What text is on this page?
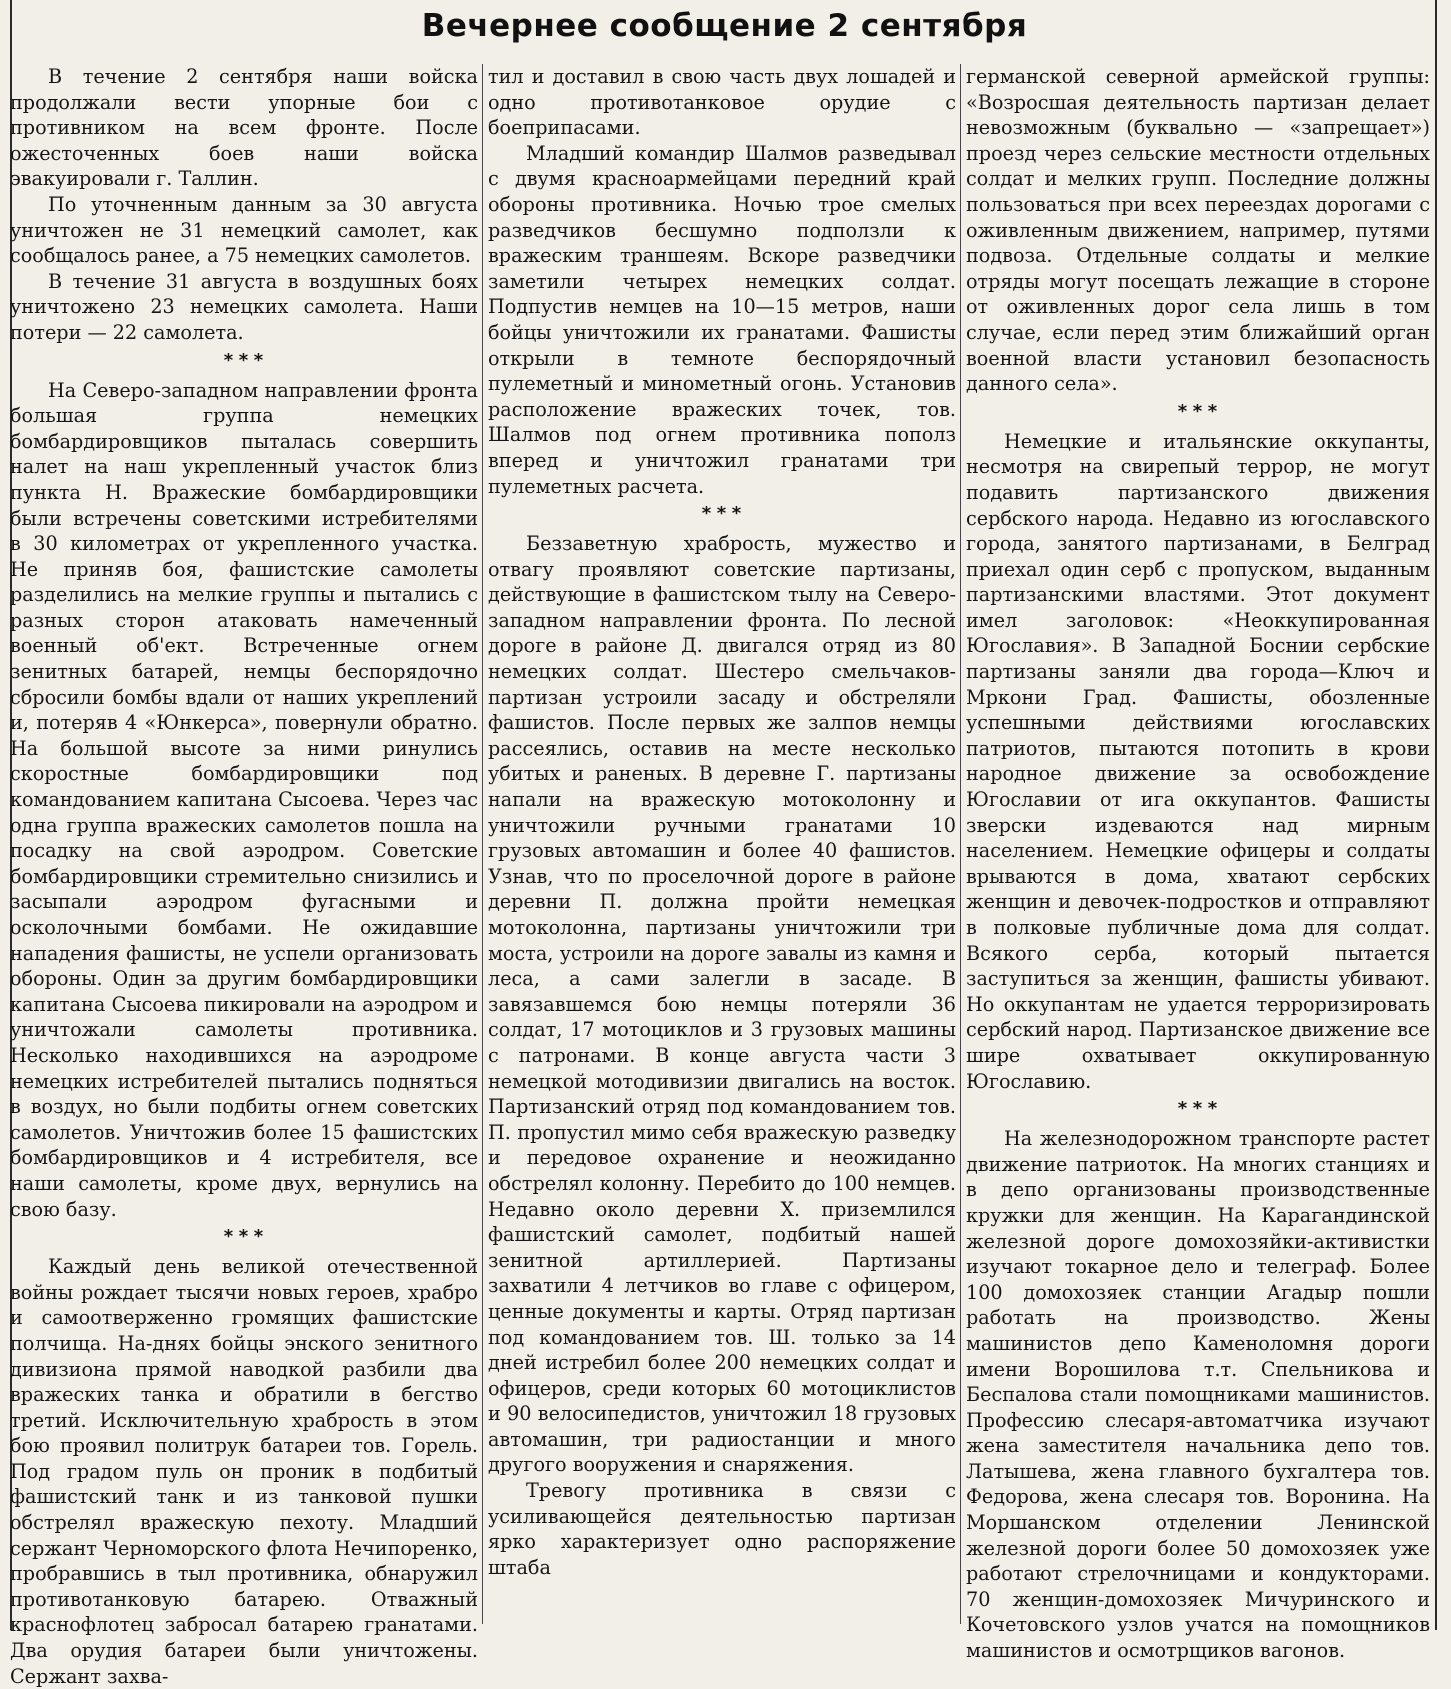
Вечернее сообщение 2 сентября

В течение 2 сентября наши войска продолжали вести упорные бои с противником на всем фронте. После ожесточенных боев наши войска эвакуировали г. Таллин.

По уточненным данным за 30 августа уничтожен не 31 немецкий самолет, как сообщалось ранее, а 75 немецких самолетов.

В течение 31 августа в воздушных боях уничтожено 23 немецких самолета. Наши потери — 22 самолета.

* * *

На Северо-западном направлении фронта большая группа немецких бомбардировщиков пыталась совершить налет на наш укрепленный участок близ пункта Н. Вражеские бомбардировщики были встречены советскими истребителями в 30 километрах от укрепленного участка. Не приняв боя, фашистские самолеты разделились на мелкие группы и пытались с разных сторон атаковать намеченный военный об'ект. Встреченные огнем зенитных батарей, немцы беспорядочно сбросили бомбы вдали от наших укреплений и, потеряв 4 «Юнкерса», повернули обратно. На большой высоте за ними ринулись скоростные бомбардировщики под командованием капитана Сысоева. Через час одна группа вражеских самолетов пошла на посадку на свой аэродром. Советские бомбардировщики стремительно снизились и засыпали аэродром фугасными и осколочными бомбами. Не ожидавшие нападения фашисты, не успели организовать обороны. Один за другим бомбардировщики капитана Сысоева пикировали на аэродром и уничтожали самолеты противника. Несколько находившихся на аэродроме немецких истребителей пытались подняться в воздух, но были подбиты огнем советских самолетов. Уничтожив более 15 фашистских бомбардировщиков и 4 истребителя, все наши самолеты, кроме двух, вернулись на свою базу.

* * *

Каждый день великой отечественной войны рождает тысячи новых героев, храбро и самоотверженно громящих фашистские полчища. На-днях бойцы энского зенитного дивизиона прямой наводкой разбили два вражеских танка и обратили в бегство третий. Исключительную храбрость в этом бою проявил политрук батареи тов. Горель. Под градом пуль он проник в подбитый фашистский танк и из танковой пушки обстрелял вражескую пехоту. Младший сержант Черноморского флота Нечипоренко, пробравшись в тыл противника, обнаружил противотанковую батарею. Отважный краснофлотец забросал батарею гранатами. Два орудия батареи были уничтожены. Сержант захва-

тил и доставил в свою часть двух лошадей и одно противотанковое орудие с боеприпасами.

Младший командир Шалмов разведывал с двумя красноармейцами передний край обороны противника. Ночью трое смелых разведчиков бесшумно подползли к вражеским траншеям. Вскоре разведчики заметили четырех немецких солдат. Подпустив немцев на 10—15 метров, наши бойцы уничтожили их гранатами. Фашисты открыли в темноте беспорядочный пулеметный и минометный огонь. Установив расположение вражеских точек, тов. Шалмов под огнем противника пополз вперед и уничтожил гранатами три пулеметных расчета.

* * *

Беззаветную храбрость, мужество и отвагу проявляют советские партизаны, действующие в фашистском тылу на Северо-западном направлении фронта. По лесной дороге в районе Д. двигался отряд из 80 немецких солдат. Шестеро смельчаков-партизан устроили засаду и обстреляли фашистов. После первых же залпов немцы рассеялись, оставив на месте несколько убитых и раненых. В деревне Г. партизаны напали на вражескую мотоколонну и уничтожили ручными гранатами 10 грузовых автомашин и более 40 фашистов. Узнав, что по проселочной дороге в районе деревни П. должна пройти немецкая мотоколонна, партизаны уничтожили три моста, устроили на дороге завалы из камня и леса, а сами залегли в засаде. В завязавшемся бою немцы потеряли 36 солдат, 17 мотоциклов и 3 грузовых машины с патронами. В конце августа части 3 немецкой мотодивизии двигались на восток. Партизанский отряд под командованием тов. П. пропустил мимо себя вражескую разведку и передовое охранение и неожиданно обстрелял колонну. Перебито до 100 немцев. Недавно около деревни Х. приземлился фашистский самолет, подбитый нашей зенитной артиллерией. Партизаны захватили 4 летчиков во главе с офицером, ценные документы и карты. Отряд партизан под командованием тов. Ш. только за 14 дней истребил более 200 немецких солдат и офицеров, среди которых 60 мотоциклистов и 90 велосипедистов, уничтожил 18 грузовых автомашин, три радиостанции и много другого вооружения и снаряжения.

Тревогу противника в связи с усиливающейся деятельностью партизан ярко характеризует одно распоряжение штаба

германской северной армейской группы: «Возросшая деятельность партизан делает невозможным (буквально — «запрещает») проезд через сельские местности отдельных солдат и мелких групп. Последние должны пользоваться при всех переездах дорогами с оживленным движением, например, путями подвоза. Отдельные солдаты и мелкие отряды могут посещать лежащие в стороне от оживленных дорог села лишь в том случае, если перед этим ближайший орган военной власти установил безопасность данного села».

* * *

Немецкие и итальянские оккупанты, несмотря на свирепый террор, не могут подавить партизанского движения сербского народа. Недавно из югославского города, занятого партизанами, в Белград приехал один серб с пропуском, выданным партизанскими властями. Этот документ имел заголовок: «Неоккупированная Югославия». В Западной Боснии сербские партизаны заняли два города—Ключ и Мркони Град. Фашисты, обозленные успешными действиями югославских патриотов, пытаются потопить в крови народное движение за освобождение Югославии от ига оккупантов. Фашисты зверски издеваются над мирным населением. Немецкие офицеры и солдаты врываются в дома, хватают сербских женщин и девочек-подростков и отправляют в полковые публичные дома для солдат. Всякого серба, который пытается заступиться за женщин, фашисты убивают. Но оккупантам не удается терроризировать сербский народ. Партизанское движение все шире охватывает оккупированную Югославию.

* * *

На железнодорожном транспорте растет движение патриоток. На многих станциях и в депо организованы производственные кружки для женщин. На Карагандинской железной дороге домохозяйки-активистки изучают токарное дело и телеграф. Более 100 домохозяек станции Агадыр пошли работать на производство. Жены машинистов депо Каменоломня дороги имени Ворошилова т.т. Спельникова и Беспалова стали помощниками машинистов. Профессию слесаря-автоматчика изучают жена заместителя начальника депо тов. Латышева, жена главного бухгалтера тов. Федорова, жена слесаря тов. Воронина. На Моршанском отделении Ленинской железной дороги более 50 домохозяек уже работают стрелочницами и кондукторами. 70 женщин-домохозяек Мичуринского и Кочетовского узлов учатся на помощников машинистов и осмотрщиков вагонов.
